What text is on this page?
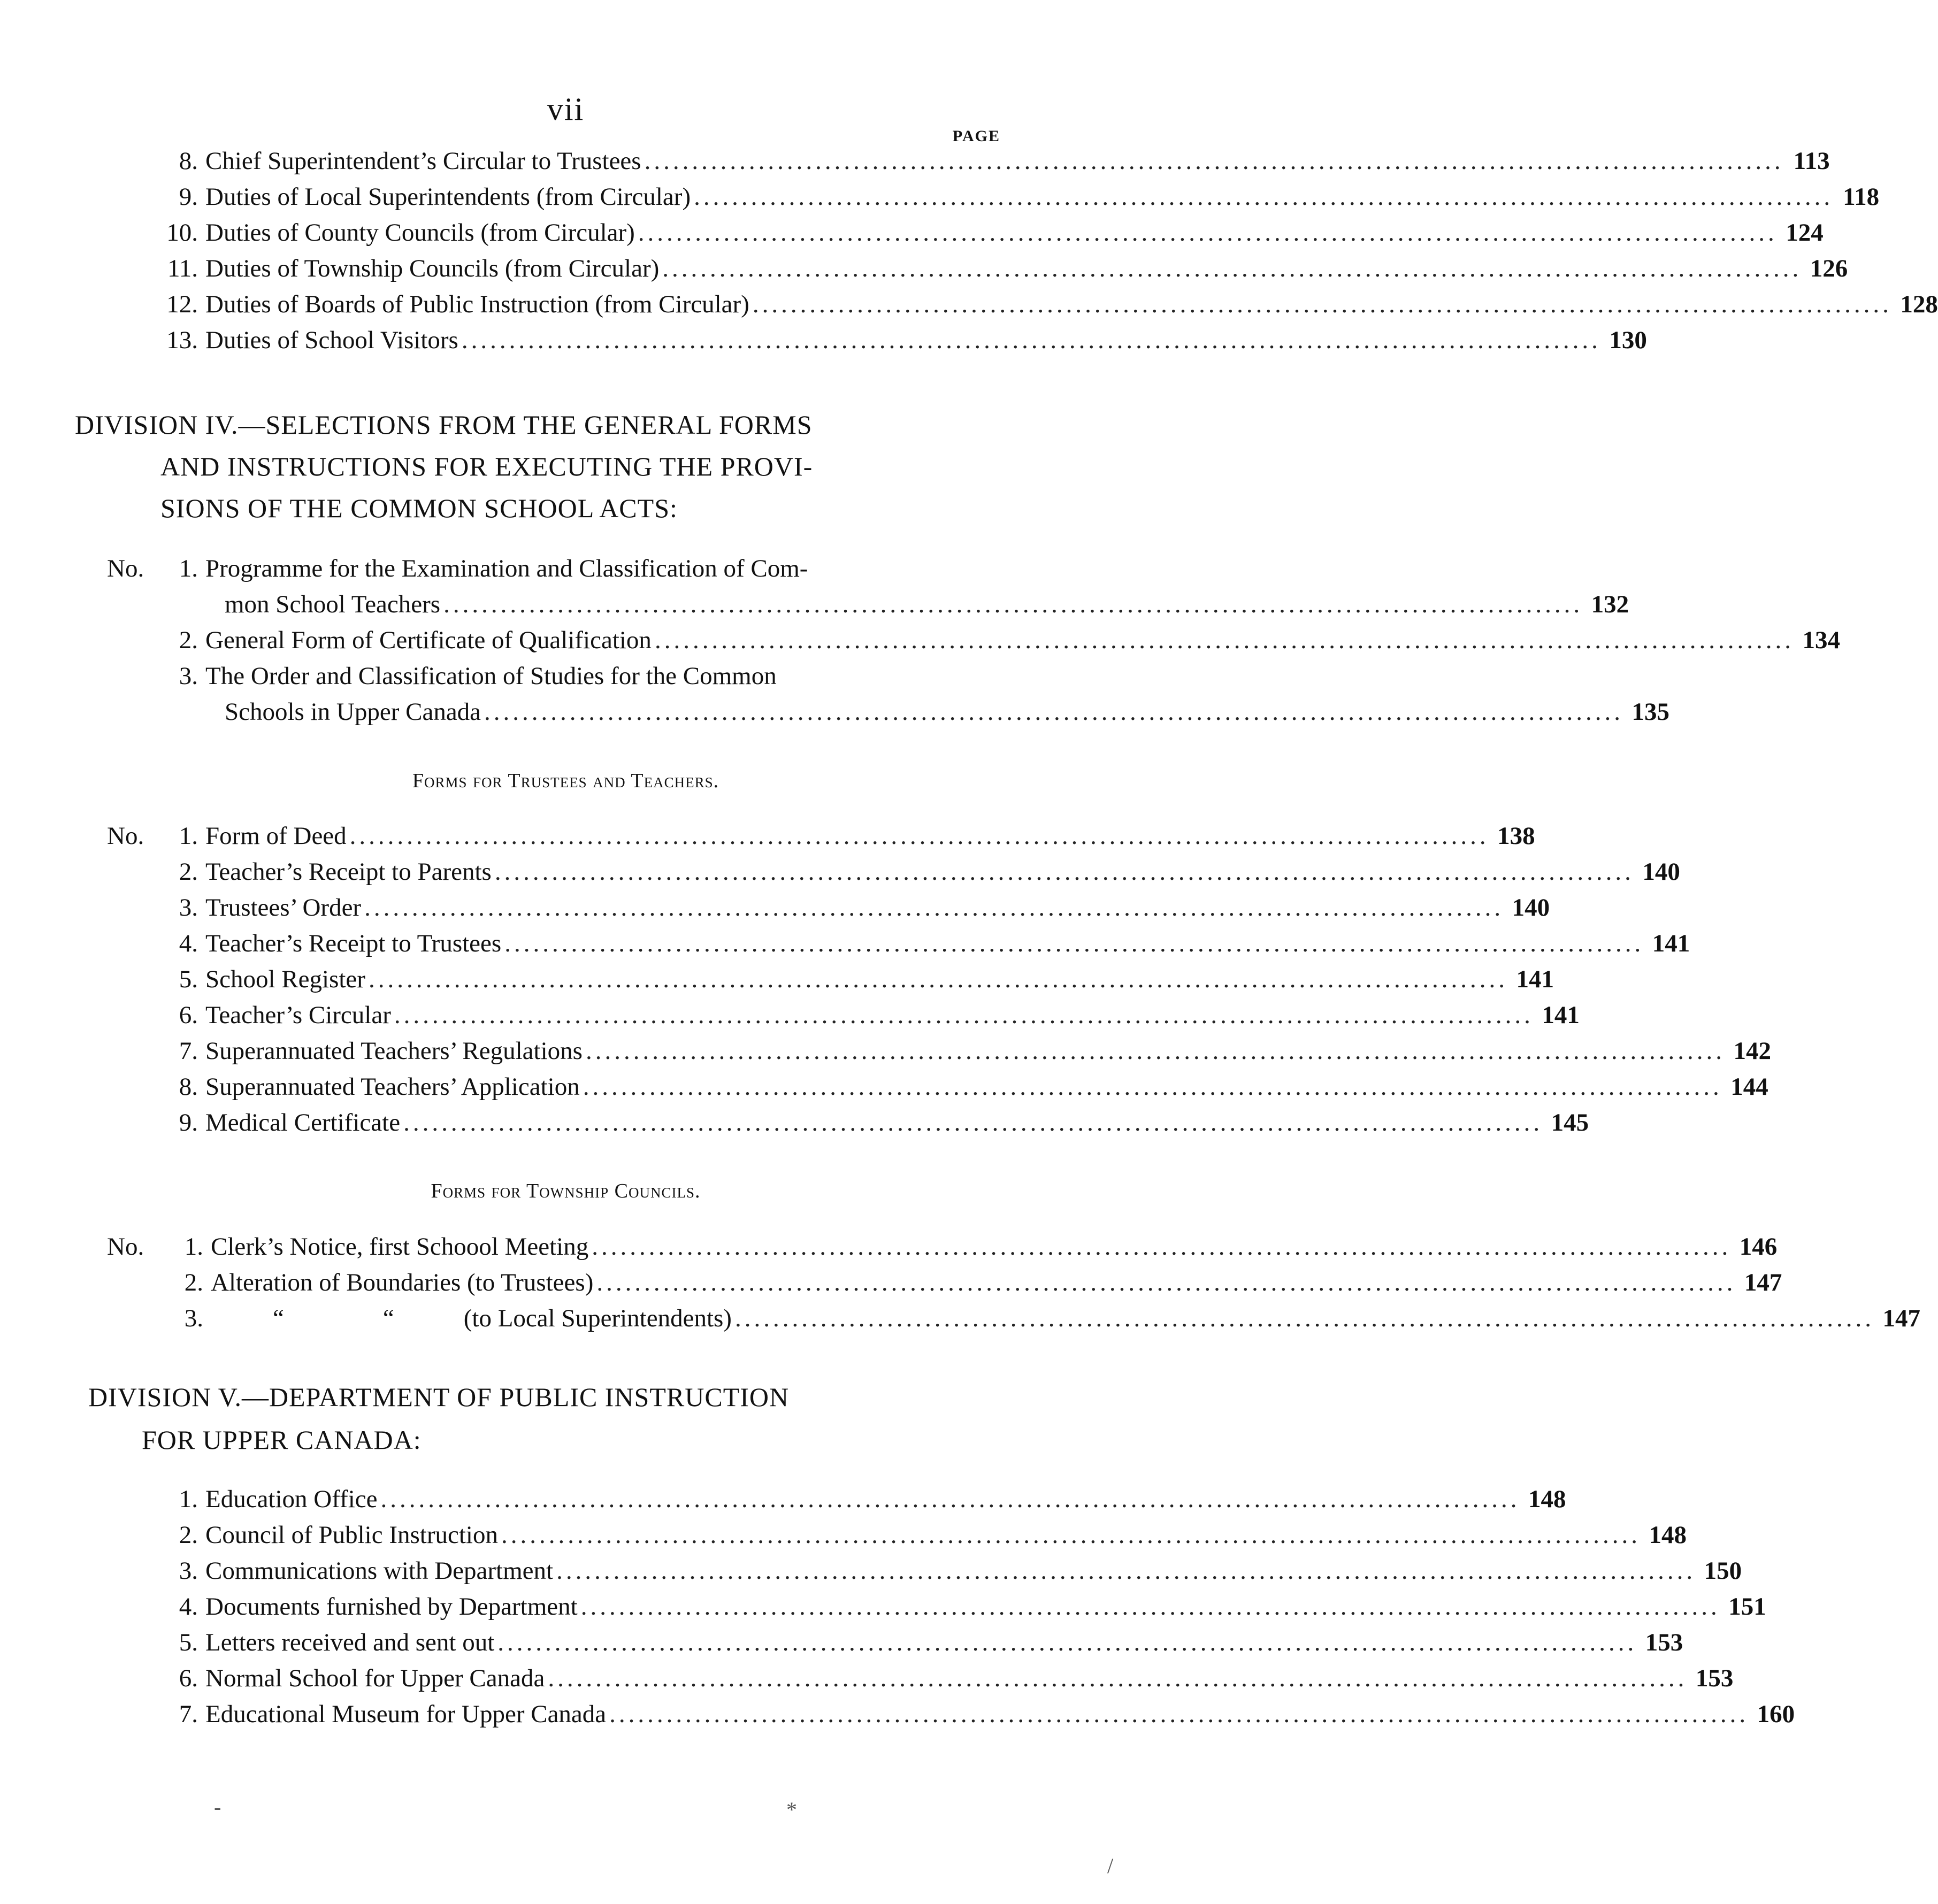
vii
PAGE
8. Chief Superintendent’s Circular to Trustees ........................................................................................................................ 113
9. Duties of Local Superintendents (from Circular) ........................................................................................................................ 118
10. Duties of County Councils (from Circular) ........................................................................................................................ 124
11. Duties of Township Councils (from Circular) ........................................................................................................................ 126
12. Duties of Boards of Public Instruction (from Circular) ........................................................................................................................ 128
13. Duties of School Visitors ........................................................................................................................ 130
DIVISION IV.—SELECTIONS FROM THE GENERAL FORMS
AND INSTRUCTIONS FOR EXECUTING THE PROVI-
SIONS OF THE COMMON SCHOOL ACTS:
No.	1. Programme for the Examination and Classification of Com-
mon School Teachers ........................................................................................................................ 132
2. General Form of Certificate of Qualification ........................................................................................................................ 134
3. The Order and Classification of Studies for the Common
Schools in Upper Canada ........................................................................................................................ 135
Forms for Trustees and Teachers.
No.	1. Form of Deed ........................................................................................................................ 138
2. Teacher’s Receipt to Parents ........................................................................................................................ 140
3. Trustees’ Order ........................................................................................................................ 140
4. Teacher’s Receipt to Trustees ........................................................................................................................ 141
5. School Register ........................................................................................................................ 141
6. Teacher’s Circular ........................................................................................................................ 141
7. Superannuated Teachers’ Regulations ........................................................................................................................ 142
8. Superannuated Teachers’ Application ........................................................................................................................ 144
9. Medical Certificate ........................................................................................................................ 145
Forms for Township Councils.
No.	1. Clerk’s Notice, first Schoool Meeting ........................................................................................................................ 146
2. Alteration of Boundaries (to Trustees) ........................................................................................................................ 147
3.	“	“	(to Local Superintendents) ........................................................................................................................ 147
DIVISION V.—DEPARTMENT OF PUBLIC INSTRUCTION
FOR UPPER CANADA:
1. Education Office ........................................................................................................................ 148
2. Council of Public Instruction ........................................................................................................................ 148
3. Communications with Department ........................................................................................................................ 150
4. Documents furnished by Department ........................................................................................................................ 151
5. Letters received and sent out ........................................................................................................................ 153
6. Normal School for Upper Canada ........................................................................................................................ 153
7. Educational Museum for Upper Canada ........................................................................................................................ 160
-	*
/
